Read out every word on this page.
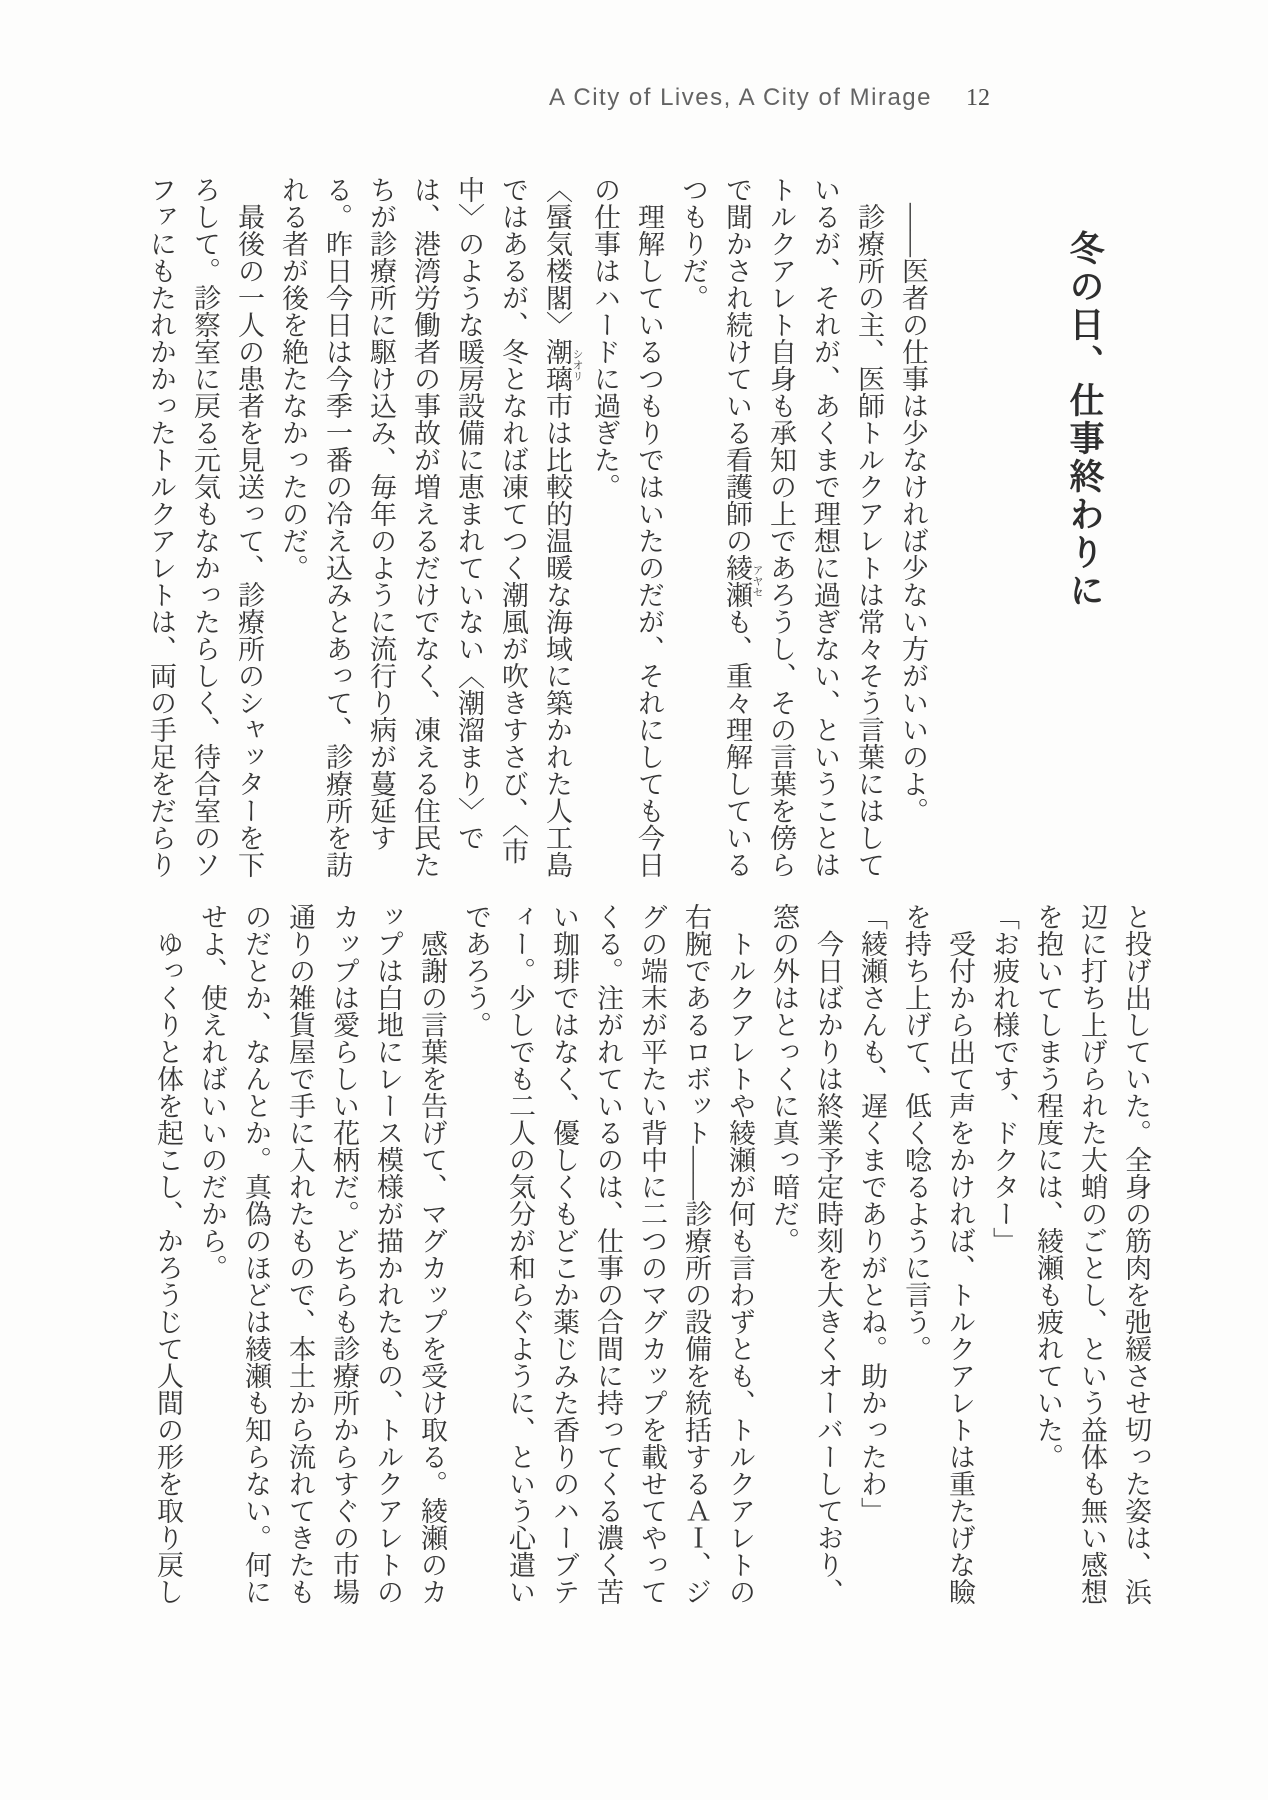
A City of Lives, A City of Mirage 12
冬の日、仕事終わりに

――医者の仕事は少なければ少ない方がいいのよ。

診療所の主、医師トルクアレトは常々そう言葉にはしているが、それが、あくまで理想に過ぎない、ということはトルクアレト自身も承知の上であろうし、その言葉を傍らで聞かされ続けている看護師の綾瀬 アヤセも、重々理解しているつもりだ。

理解しているつもりではいたのだが、それにしても今日の仕事はハードに過ぎた。

〈蜃気楼閣〉潮璃 シオリ市は比較的温暖な海域に築かれた人工島ではあるが、冬となれば凍てつく潮風が吹きすさび、〈市中〉のような暖房設備に恵まれていない〈潮溜まり〉では、港湾労働者の事故が増えるだけでなく、凍える住民たちが診療所に駆け込み、毎年のように流行り病が蔓延する。昨日今日は今季一番の冷え込みとあって、診療所を訪れる者が後を絶たなかったのだ。

最後の一人の患者を見送って、診療所のシャッターを下ろして。診察室に戻る元気もなかったらしく、待合室のソファにもたれかかったトルクアレトは、両の手足をだらり

と投げ出していた。全身の筋肉を弛緩させ切った姿は、浜辺に打ち上げられた大蛸のごとし、という益体も無い感想を抱いてしまう程度には、綾瀬も疲れていた。

「お疲れ様です、ドクター」

受付から出て声をかければ、トルクアレトは重たげな瞼を持ち上げて、低く唸るように言う。

「綾瀬さんも、遅くまでありがとね。助かったわ」

今日ばかりは終業予定時刻を大きくオーバーしており、窓の外はとっくに真っ暗だ。

トルクアレトや綾瀬が何も言わずとも、トルクアレトの右腕であるロボット――診療所の設備を統括するＡＩ、ジグの端末が平たい背中に二つのマグカップを載せてやってくる。注がれているのは、仕事の合間に持ってくる濃く苦い珈琲ではなく、優しくもどこか薬じみた香りのハーブティー。少しでも二人の気分が和らぐように、という心遣いであろう。

感謝の言葉を告げて、マグカップを受け取る。綾瀬のカップは白地にレース模様が描かれたもの、トルクアレトのカップは愛らしい花柄だ。どちらも診療所からすぐの市場通りの雑貨屋で手に入れたもので、本土から流れてきたものだとか、なんとか。真偽のほどは綾瀬も知らない。何にせよ、使えればいいのだから。

ゆっくりと体を起こし、かろうじて人間の形を取り戻し
